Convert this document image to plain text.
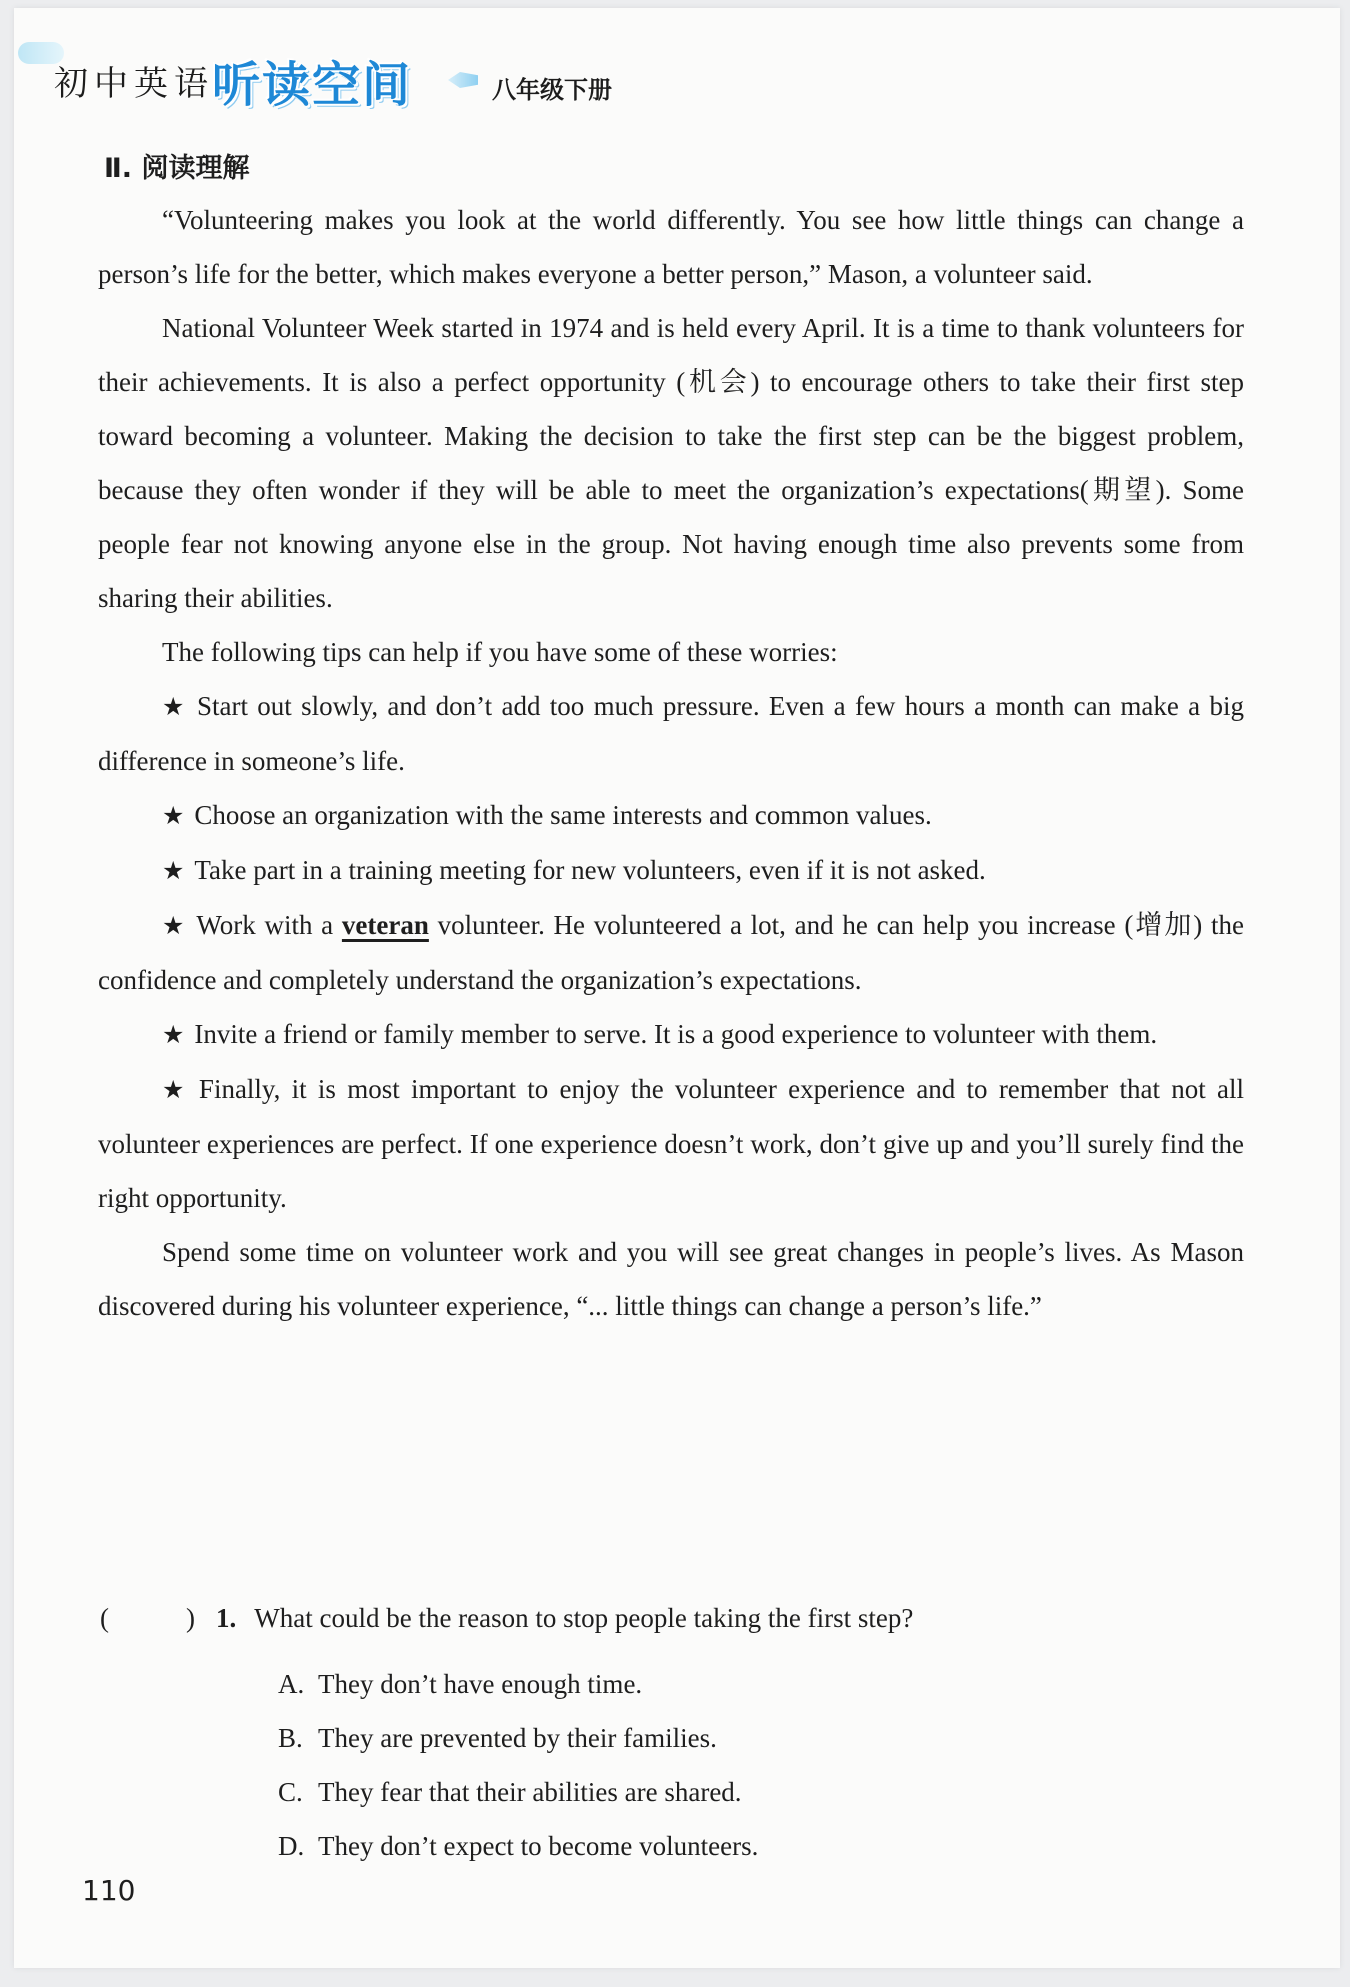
初中英语
听读空间	八年级下册
Ⅱ. 阅读理解

“Volunteering makes you look at the world differently. You see how little things can change a person’s life for the better, which makes everyone a better person,” Mason, a volunteer said.

National Volunteer Week started in 1974 and is held every April. It is a time to thank volunteers for their achievements. It is also a perfect opportunity (机会) to encourage others to take their first step toward becoming a volunteer. Making the decision to take the first step can be the biggest problem, because they often wonder if they will be able to meet the organization’s expectations(期望). Some people fear not knowing anyone else in the group. Not having enough time also prevents some from sharing their abilities.

The following tips can help if you have some of these worries:

★ Start out slowly, and don’t add too much pressure. Even a few hours a month can make a big difference in someone’s life.

★ Choose an organization with the same interests and common values.

★ Take part in a training meeting for new volunteers, even if it is not asked.

★ Work with a veteran volunteer. He volunteered a lot, and he can help you increase (增加) the confidence and completely understand the organization’s expectations.

★ Invite a friend or family member to serve. It is a good experience to volunteer with them.

★ Finally, it is most important to enjoy the volunteer experience and to remember that not all volunteer experiences are perfect. If one experience doesn’t work, don’t give up and you’ll surely find the right opportunity.

Spend some time on volunteer work and you will see great changes in people’s lives. As Mason discovered during his volunteer experience, “... little things can change a person’s life.”

(	) 1. What could be the reason to stop people taking the first step?
A. They don’t have enough time.
B. They are prevented by their families.
C. They fear that their abilities are shared.
D. They don’t expect to become volunteers.
110
